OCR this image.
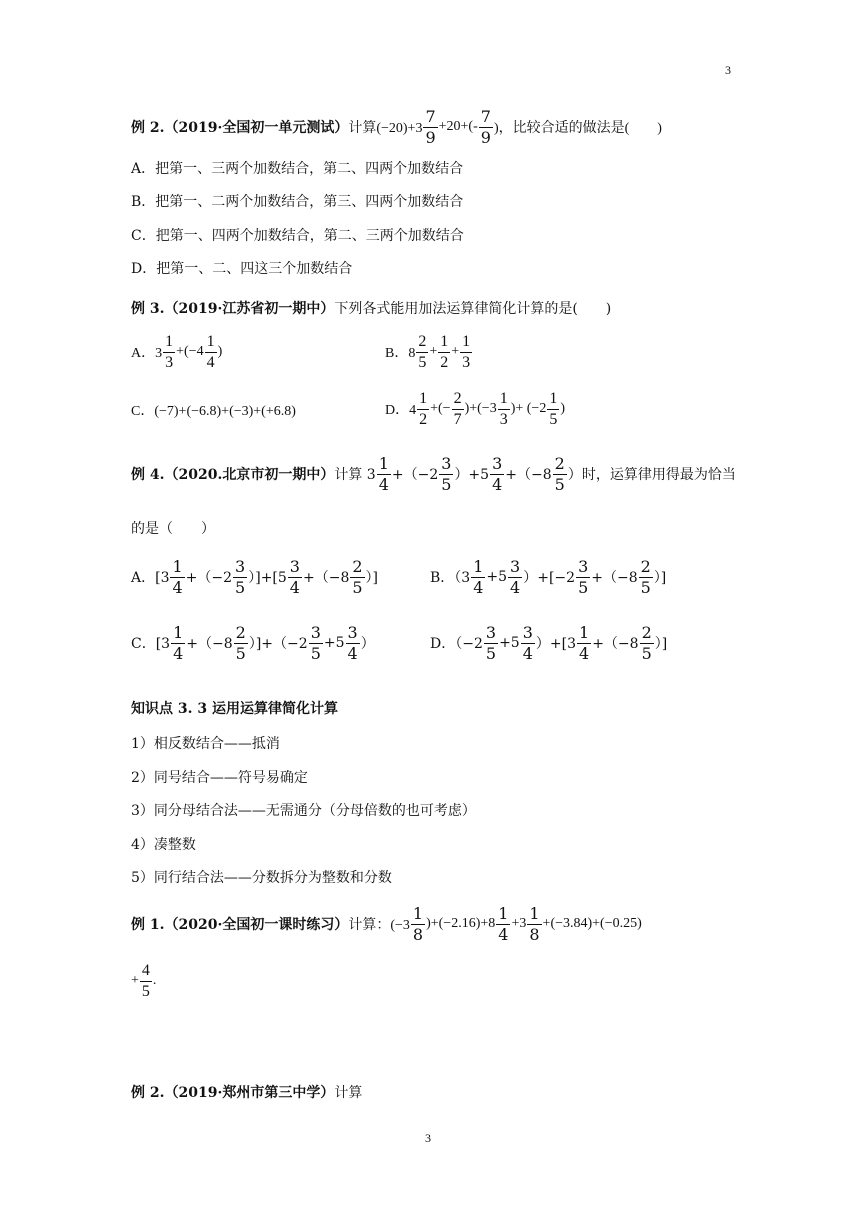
3
3
例 2.（2019·全国初一单元测试） 计算$(-20)+3 \frac{7}{9} +20+(- \frac{7}{9}$ )，比较合适的做法是(　　)
A．把第一、三两个加数结合，第二、四两个加数结合
B．把第一、二两个加数结合，第三、四两个加数结合
C．把第一、四两个加数结合，第二、三两个加数结合
D．把第一、二、四这三个加数结合
例 3.（2019·江苏省初一期中） 下列各式能用加法运算律简化计算的是(　　)
A．$3 \frac{1}{3} +(-4 \frac{1}{4}$ )	B．$8 \frac{2}{5} + \frac{1}{2} + \frac{1}{3}$
C．(−7)+(−6.8)+(−3)+(+6.8)	D．$4 \frac{1}{2}$ +(− $\frac{2}{7} )+(-3 \frac{1}{3}$ )+ ($-2 \frac{1}{5}$ )
例 4.（2020.北京市初一期中） 计算 $3 \frac{1}{4} +(-2 \frac{3}{5} )+5 \frac{3}{4} +(-8 \frac{2}{5}$ ）时，运算律用得最为恰当
的是（　　）
A．$[3 \frac{1}{4} +(-2 \frac{3}{5} )]+[5 \frac{3}{4} +(-8 \frac{2}{5}$ ）]	B．$(3 \frac{1}{4} +5 \frac{3}{4} )+[-2 \frac{3}{5} +(-8 \frac{2}{5}$ ）]
C．$[3 \frac{1}{4} +(-8 \frac{2}{5} )]+(-2 \frac{3}{5} +5 \frac{3}{4}$ ）	D．$(-2 \frac{3}{5} +5 \frac{3}{4} )+[3 \frac{1}{4} +(-8 \frac{2}{5}$ ）]
知识点 3. 3 运用运算律简化计算
1）相反数结合——抵消
2）同号结合——符号易确定
3）同分母结合法——无需通分（分母倍数的也可考虑）
4）凑整数
5）同行结合法——分数拆分为整数和分数
例 1.（2020·全国初一课时练习） 计算：$(-3 \frac{1}{8} )+(-2.16)+8 \frac{1}{4} +3 \frac{1}{8} +(-3.84)+(-0.25)$
+ $\frac{4}{5}$ .
例 2.（2019·郑州市第三中学） 计算
